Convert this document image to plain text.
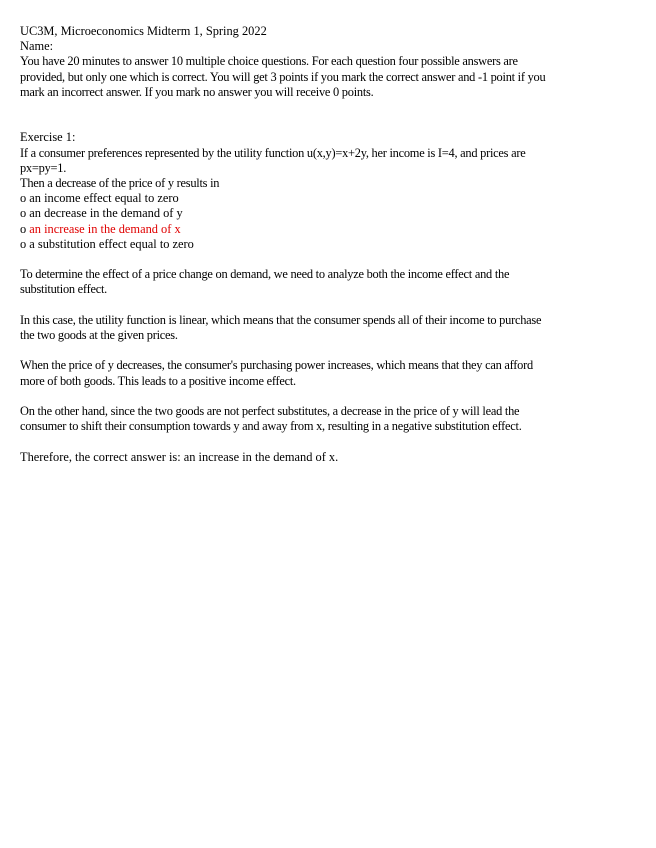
UC3M, Microeconomics Midterm 1, Spring 2022
Name:
You have 20 minutes to answer 10 multiple choice questions. For each question four possible answers are
provided, but only one which is correct. You will get 3 points if you mark the correct answer and -1 point if you
mark an incorrect answer. If you mark no answer you will receive 0 points.
Exercise 1:
If a consumer preferences represented by the utility function u(x,y)=x+2y, her income is I=4, and prices are
px=py=1.
Then a decrease of the price of y results in
o an income effect equal to zero
o an decrease in the demand of y
o an increase in the demand of x
o a substitution effect equal to zero
To determine the effect of a price change on demand, we need to analyze both the income effect and the
substitution effect.
In this case, the utility function is linear, which means that the consumer spends all of their income to purchase
the two goods at the given prices.
When the price of y decreases, the consumer's purchasing power increases, which means that they can afford
more of both goods. This leads to a positive income effect.
On the other hand, since the two goods are not perfect substitutes, a decrease in the price of y will lead the
consumer to shift their consumption towards y and away from x, resulting in a negative substitution effect.
Therefore, the correct answer is: an increase in the demand of x.
